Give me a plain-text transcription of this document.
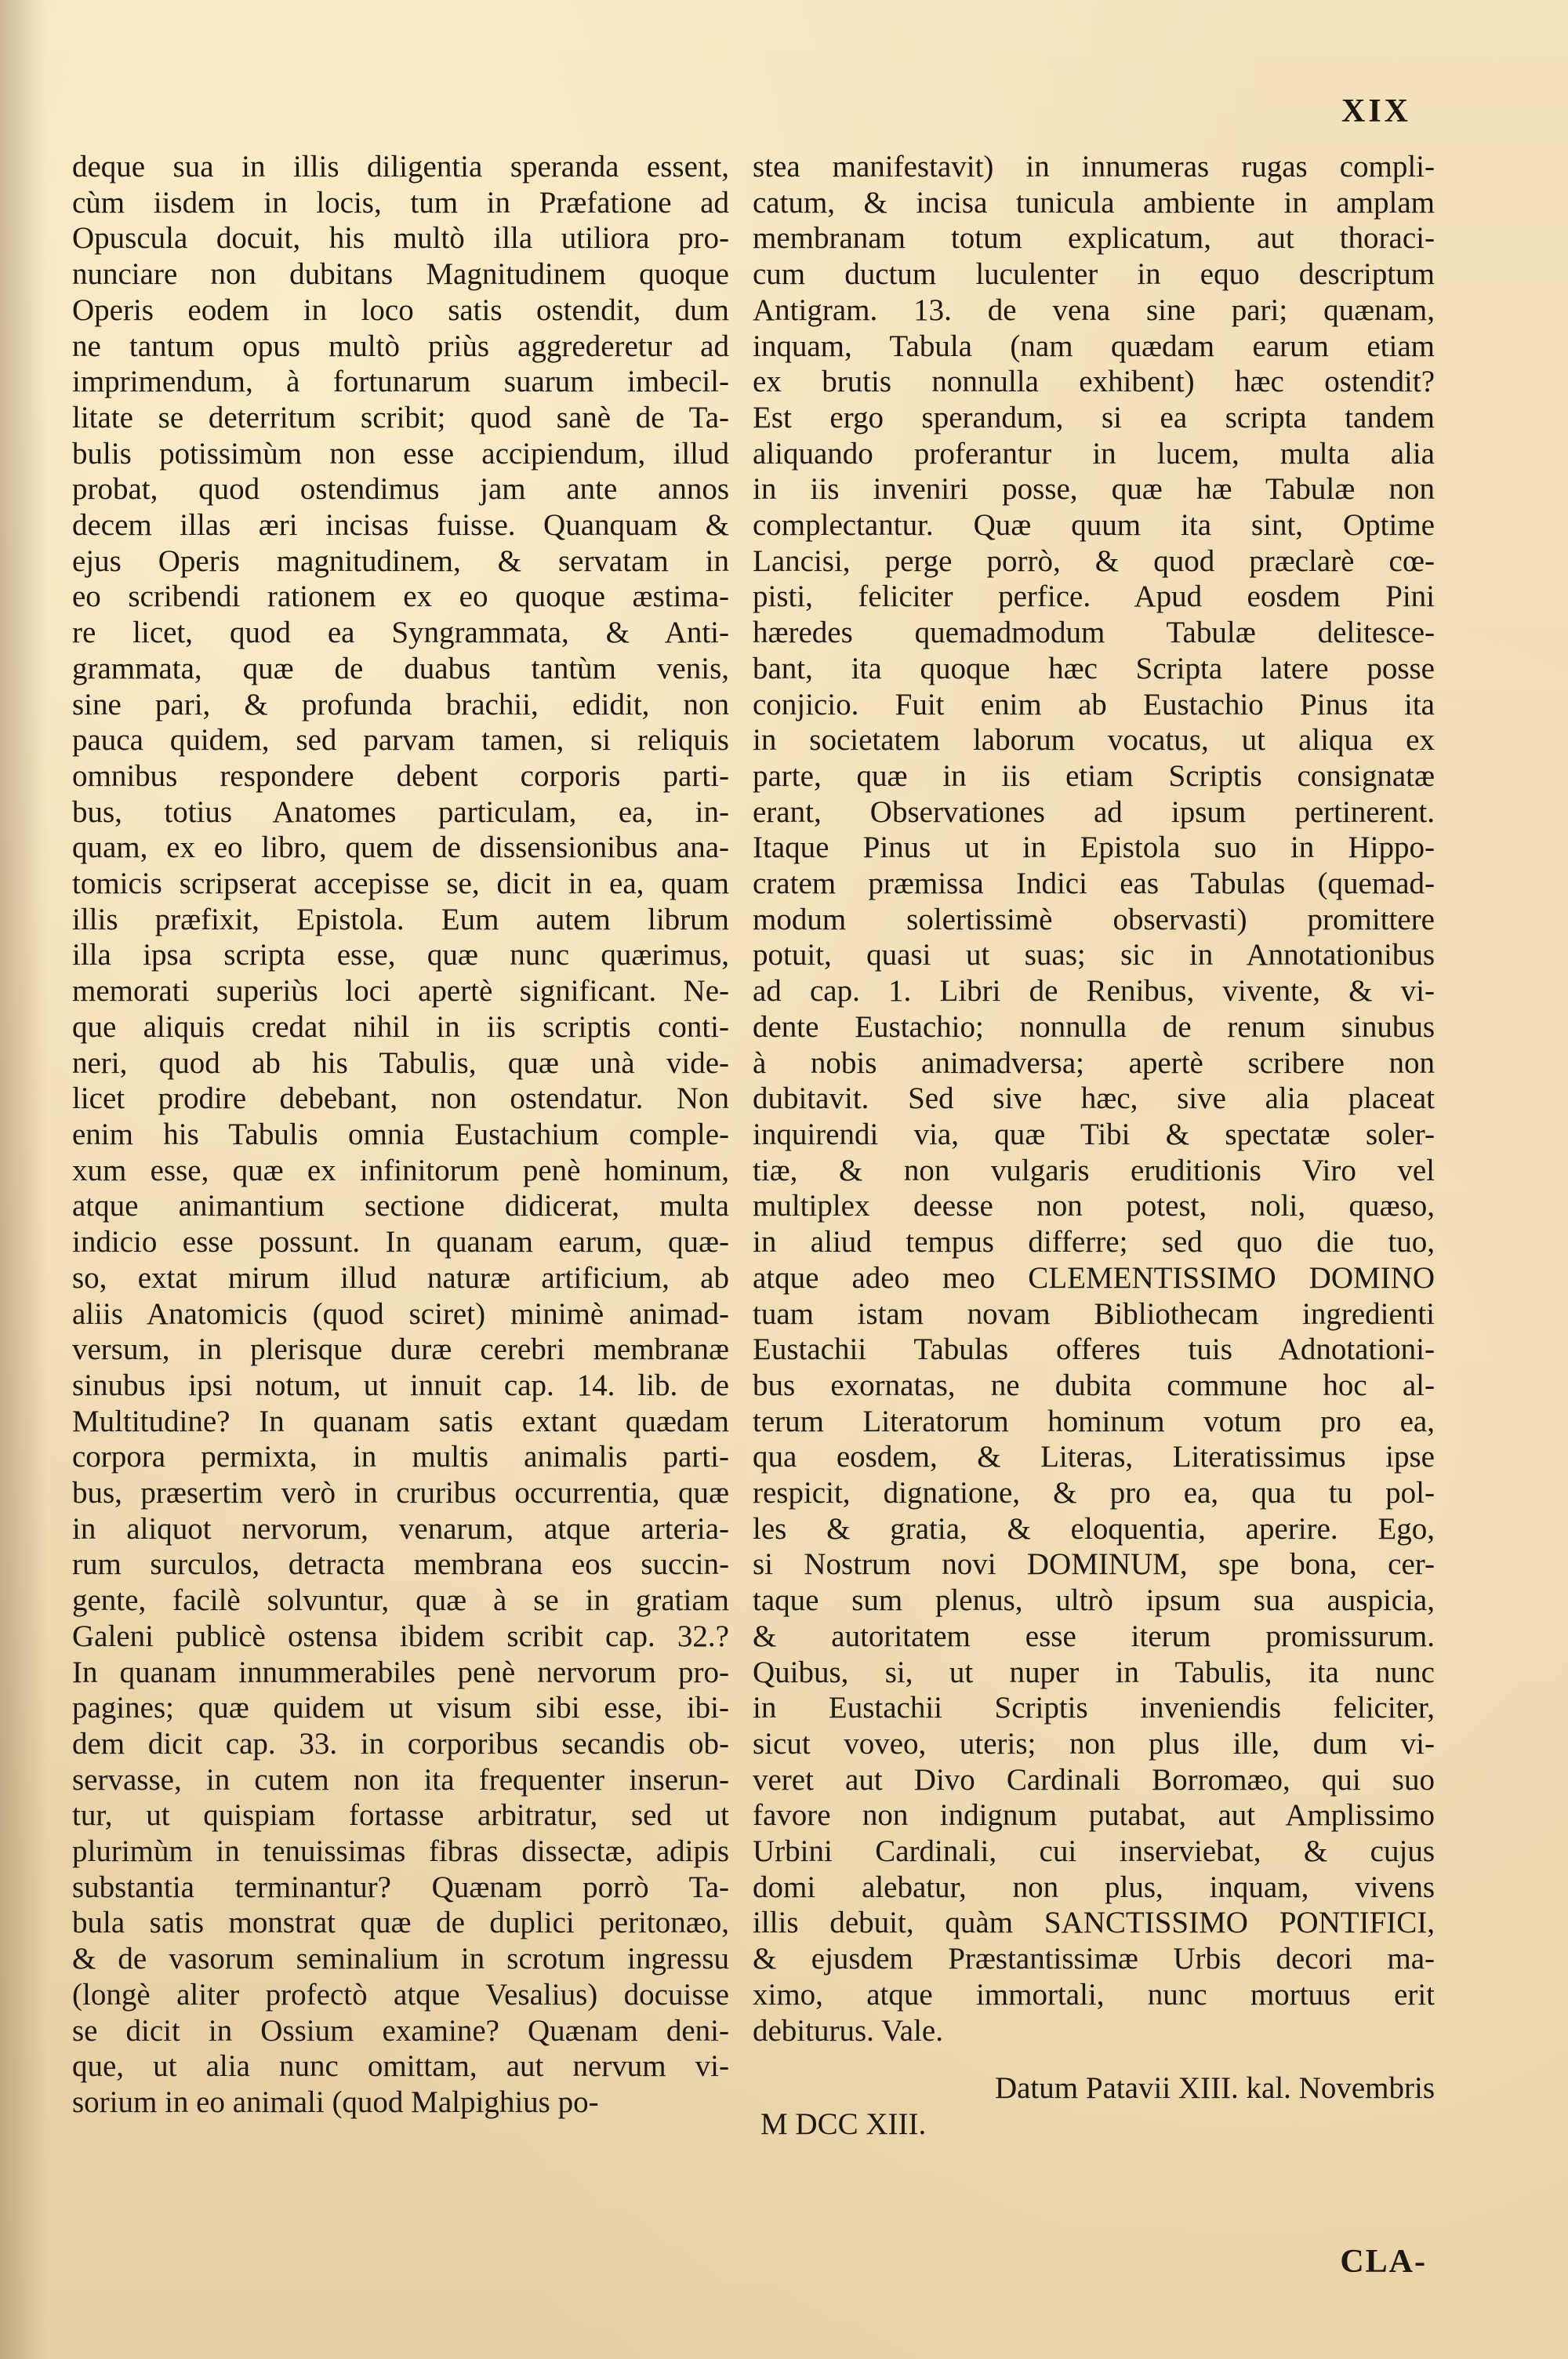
XIX
deque sua in illis diligentia speranda essent,
cùm iisdem in locis, tum in Præfatione ad
Opuscula docuit, his multò illa utiliora pro-
nunciare non dubitans Magnitudinem quoque
Operis eodem in loco satis ostendit, dum
ne tantum opus multò priùs aggrederetur ad
imprimendum, à fortunarum suarum imbecil-
litate se deterritum scribit; quod sanè de Ta-
bulis potissimùm non esse accipiendum, illud
probat, quod ostendimus jam ante annos
decem illas æri incisas fuisse. Quanquam &
ejus Operis magnitudinem, & servatam in
eo scribendi rationem ex eo quoque æstima-
re licet, quod ea Syngrammata, & Anti-
grammata, quæ de duabus tantùm venis,
sine pari, & profunda brachii, edidit, non
pauca quidem, sed parvam tamen, si reliquis
omnibus respondere debent corporis parti-
bus, totius Anatomes particulam, ea, in-
quam, ex eo libro, quem de dissensionibus ana-
tomicis scripserat accepisse se, dicit in ea, quam
illis præfixit, Epistola. Eum autem librum
illa ipsa scripta esse, quæ nunc quærimus,
memorati superiùs loci apertè significant. Ne-
que aliquis credat nihil in iis scriptis conti-
neri, quod ab his Tabulis, quæ unà vide-
licet prodire debebant, non ostendatur. Non
enim his Tabulis omnia Eustachium comple-
xum esse, quæ ex infinitorum penè hominum,
atque animantium sectione didicerat, multa
indicio esse possunt. In quanam earum, quæ-
so, extat mirum illud naturæ artificium, ab
aliis Anatomicis (quod sciret) minimè animad-
versum, in plerisque duræ cerebri membranæ
sinubus ipsi notum, ut innuit cap. 14. lib. de
Multitudine? In quanam satis extant quædam
corpora permixta, in multis animalis parti-
bus, præsertim verò in cruribus occurrentia, quæ
in aliquot nervorum, venarum, atque arteria-
rum surculos, detracta membrana eos succin-
gente, facilè solvuntur, quæ à se in gratiam
Galeni publicè ostensa ibidem scribit cap. 32.?
In quanam innummerabiles penè nervorum pro-
pagines; quæ quidem ut visum sibi esse, ibi-
dem dicit cap. 33. in corporibus secandis ob-
servasse, in cutem non ita frequenter inserun-
tur, ut quispiam fortasse arbitratur, sed ut
plurimùm in tenuissimas fibras dissectæ, adipis
substantia terminantur? Quænam porrò Ta-
bula satis monstrat quæ de duplici peritonæo,
& de vasorum seminalium in scrotum ingressu
(longè aliter profectò atque Vesalius) docuisse
se dicit in Ossium examine? Quænam deni-
que, ut alia nunc omittam, aut nervum vi-
sorium in eo animali (quod Malpighius po-
stea manifestavit) in innumeras rugas compli-
catum, & incisa tunicula ambiente in amplam
membranam totum explicatum, aut thoraci-
cum ductum luculenter in equo descriptum
Antigram. 13. de vena sine pari; quænam,
inquam, Tabula (nam quædam earum etiam
ex brutis nonnulla exhibent) hæc ostendit?
Est ergo sperandum, si ea scripta tandem
aliquando proferantur in lucem, multa alia
in iis inveniri posse, quæ hæ Tabulæ non
complectantur. Quæ quum ita sint, Optime
Lancisi, perge porrò, & quod præclarè cœ-
pisti, feliciter perfice. Apud eosdem Pini
hæredes quemadmodum Tabulæ delitesce-
bant, ita quoque hæc Scripta latere posse
conjicio. Fuit enim ab Eustachio Pinus ita
in societatem laborum vocatus, ut aliqua ex
parte, quæ in iis etiam Scriptis consignatæ
erant, Observationes ad ipsum pertinerent.
Itaque Pinus ut in Epistola suo in Hippo-
cratem præmissa Indici eas Tabulas (quemad-
modum solertissimè observasti) promittere
potuit, quasi ut suas; sic in Annotationibus
ad cap. 1. Libri de Renibus, vivente, & vi-
dente Eustachio; nonnulla de renum sinubus
à nobis animadversa; apertè scribere non
dubitavit. Sed sive hæc, sive alia placeat
inquirendi via, quæ Tibi & spectatæ soler-
tiæ, & non vulgaris eruditionis Viro vel
multiplex deesse non potest, noli, quæso,
in aliud tempus differre; sed quo die tuo,
atque adeo meo CLEMENTISSIMO DOMINO
tuam istam novam Bibliothecam ingredienti
Eustachii Tabulas offeres tuis Adnotationi-
bus exornatas, ne dubita commune hoc al-
terum Literatorum hominum votum pro ea,
qua eosdem, & Literas, Literatissimus ipse
respicit, dignatione, & pro ea, qua tu pol-
les & gratia, & eloquentia, aperire. Ego,
si Nostrum novi DOMINUM, spe bona, cer-
taque sum plenus, ultrò ipsum sua auspicia,
& autoritatem esse iterum promissurum.
Quibus, si, ut nuper in Tabulis, ita nunc
in Eustachii Scriptis inveniendis feliciter,
sicut voveo, uteris; non plus ille, dum vi-
veret aut Divo Cardinali Borromæo, qui suo
favore non indignum putabat, aut Amplissimo
Urbini Cardinali, cui inserviebat, & cujus
domi alebatur, non plus, inquam, vivens
illis debuit, quàm SANCTISSIMO PONTIFICI,
& ejusdem Præstantissimæ Urbis decori ma-
ximo, atque immortali, nunc mortuus erit
debiturus. Vale.
Datum Patavii XIII. kal. Novembris
M DCC XIII.
CLA-
